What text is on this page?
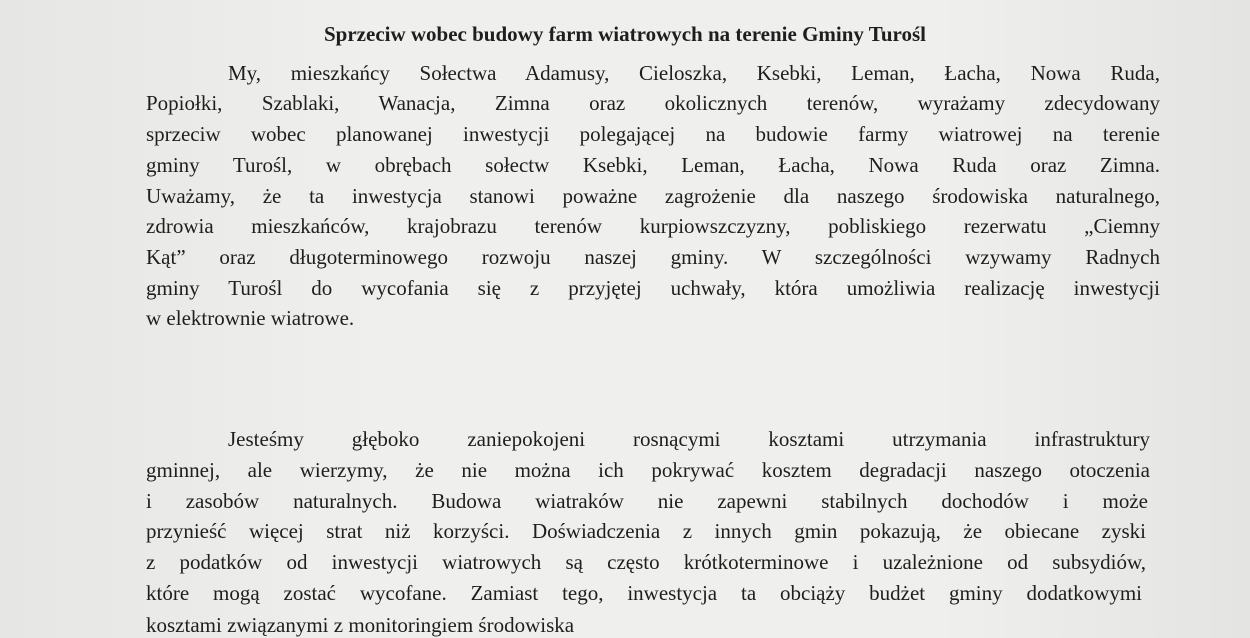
Sprzeciw wobec budowy farm wiatrowych na terenie Gminy Turośl
My, mieszkańcy Sołectwa Adamusy, Cieloszka, Ksebki, Leman, Łacha, Nowa Ruda,
Popiołki, Szablaki, Wanacja, Zimna oraz okolicznych terenów, wyrażamy zdecydowany
sprzeciw wobec planowanej inwestycji polegającej na budowie farmy wiatrowej na terenie
gminy Turośl, w obrębach sołectw Ksebki, Leman, Łacha, Nowa Ruda oraz Zimna.
Uważamy, że ta inwestycja stanowi poważne zagrożenie dla naszego środowiska naturalnego,
zdrowia mieszkańców, krajobrazu terenów kurpiowszczyzny, pobliskiego rezerwatu „Ciemny
Kąt” oraz długoterminowego rozwoju naszej gminy. W szczególności wzywamy Radnych
gminy Turośl do wycofania się z przyjętej uchwały, która umożliwia realizację inwestycji
w elektrownie wiatrowe.
Jesteśmy głęboko zaniepokojeni rosnącymi kosztami utrzymania infrastruktury
gminnej, ale wierzymy, że nie można ich pokrywać kosztem degradacji naszego otoczenia
i zasobów naturalnych. Budowa wiatraków nie zapewni stabilnych dochodów i może
przynieść więcej strat niż korzyści. Doświadczenia z innych gmin pokazują, że obiecane zyski
z podatków od inwestycji wiatrowych są często krótkoterminowe i uzależnione od subsydiów,
które mogą zostać wycofane. Zamiast tego, inwestycja ta obciąży budżet gminy dodatkowymi
kosztami związanymi z monitoringiem środowiska
